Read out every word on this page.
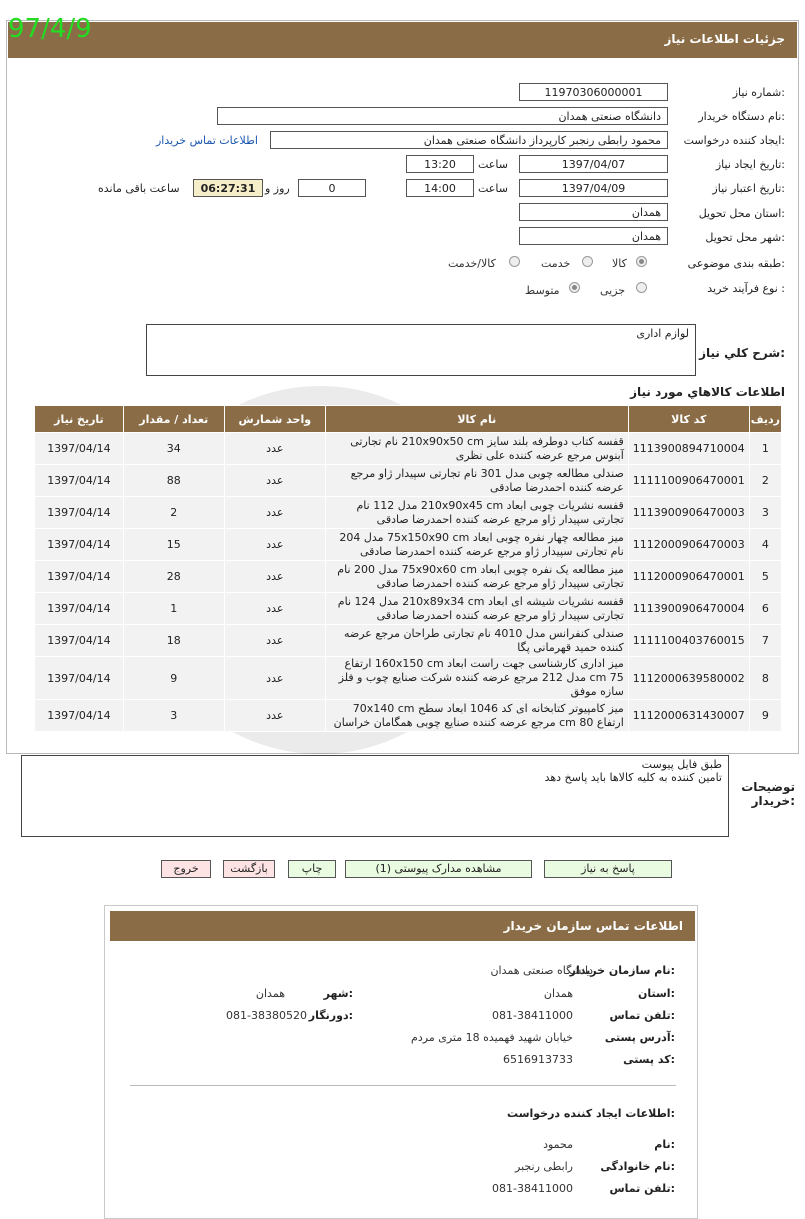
جزئیات اطلاعات نیاز
97/4/9
شماره نیاز:
11970306000001
نام دستگاه خریدار:
دانشگاه صنعتی همدان
ایجاد کننده درخواست:
محمود رابطی رنجبر کارپرداز دانشگاه صنعتی همدان
اطلاعات تماس خریدار
تاریخ ایجاد نیاز:
1397/04/07
ساعت
13:20
تاریخ اعتبار نیاز:
1397/04/09
ساعت
14:00
0
روز و
06:27:31
ساعت باقی مانده
استان محل تحویل:
همدان
شهر محل تحویل:
همدان
طبقه بندی موضوعی:
کالا
خدمت
کالا/خدمت
نوع فرآیند خرید :
جزیی
متوسط
شرح کلي نياز:
لوازم اداری
اطلاعات كالاهاي مورد نياز
ردیف	کد کالا	نام کالا	واحد شمارش	تعداد / مقدار	تاریخ نیاز
1	1113900894710004	قفسه کتاب دوطرفه بلند سایز 210x90x50 cm نام تجارتی آبنوس مرجع عرضه کننده علی نظری	عدد	34	1397/04/14
2	1111100906470001	صندلی مطالعه چوبی مدل 301 نام تجارتی سپیدار ژاو مرجع عرضه کننده احمدرضا صادقی	عدد	88	1397/04/14
3	1113900906470003	قفسه نشریات چوبی ابعاد 210x90x45 cm مدل 112 نام تجارتی سپیدار ژاو مرجع عرضه کننده احمدرضا صادقی	عدد	2	1397/04/14
4	1112000906470003	میز مطالعه چهار نفره چوبی ابعاد 75x150x90 cm مدل 204 نام تجارتی سپیدار ژاو مرجع عرضه کننده احمدرضا صادقی	عدد	15	1397/04/14
5	1112000906470001	میز مطالعه یک نفره چوبی ابعاد 75x90x60 cm مدل 200 نام تجارتی سپیدار ژاو مرجع عرضه کننده احمدرضا صادقی	عدد	28	1397/04/14
6	1113900906470004	قفسه نشریات شیشه ای ابعاد 210x89x34 cm مدل 124 نام تجارتی سپیدار ژاو مرجع عرضه کننده احمدرضا صادقی	عدد	1	1397/04/14
7	1111100403760015	صندلی کنفرانس مدل 4010 نام تجارتی طراحان مرجع عرضه کننده حمید قهرمانی پگا	عدد	18	1397/04/14
8	1112000639580002	میز اداری کارشناسی جهت راست ابعاد 160x150 cm ارتفاع 75 cm مدل 212 مرجع عرضه کننده شرکت صنایع چوب و فلز سازه موفق	عدد	9	1397/04/14
9	1112000631430007	میز کامپیوتر کتابخانه ای کد 1046 ابعاد سطح 70x140 cm ارتفاع 80 cm مرجع عرضه کننده صنایع چوبی همگامان خراسان	عدد	3	1397/04/14
توضیحات
خریدار:
طبق فایل پیوست
تامین کننده به کلیه کالاها باید پاسخ دهد
پاسخ به نیاز
مشاهده مدارک پیوستی (1)
چاپ
بازگشت
خروج
اطلاعات تماس سازمان خریدار
نام سازمان خریدار:
دانشگاه صنعتی همدان
استان:
همدان
شهر:
همدان
تلفن تماس:
081-38411000
دورنگار:
081-38380520
آدرس پستی:
خیابان شهید فهمیده 18 متری مردم
کد پستی:
6516913733
اطلاعات ایجاد کننده درخواست:
نام:
محمود
نام خانوادگی:
رابطی رنجبر
تلفن تماس:
081-38411000
